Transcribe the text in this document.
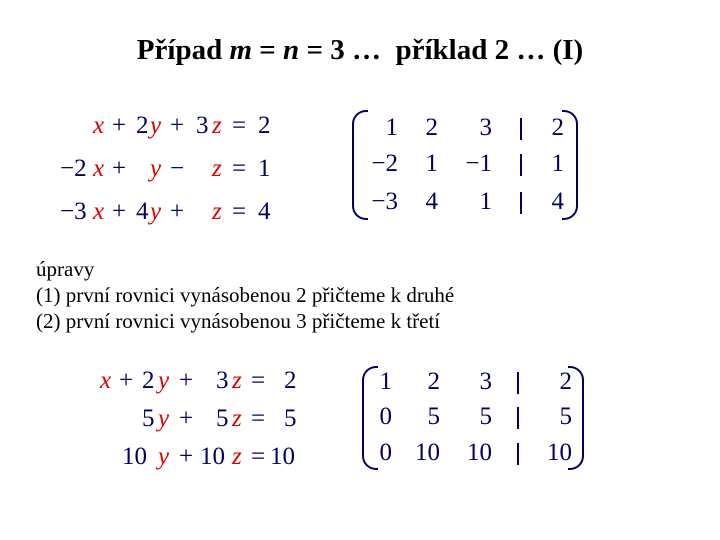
Případ m = n = 3 …  příklad 2 … (I)
x + 2 y + 3 z = 2
−2 x + y − z = 1
−3 x + 4 y + z = 4
1 2 3 2
−2 1 −1 1
−3 4 1 4
úpravy
(1) první rovnici vynásobenou 2 přičteme k druhé
(2) první rovnici vynásobenou 3 přičteme k třetí
x + 2 y + 3 z = 2
5 y + 5 z = 5
10 y + 10 z = 10
1 2 3	2
0 5 5	5
0 10 10 10
